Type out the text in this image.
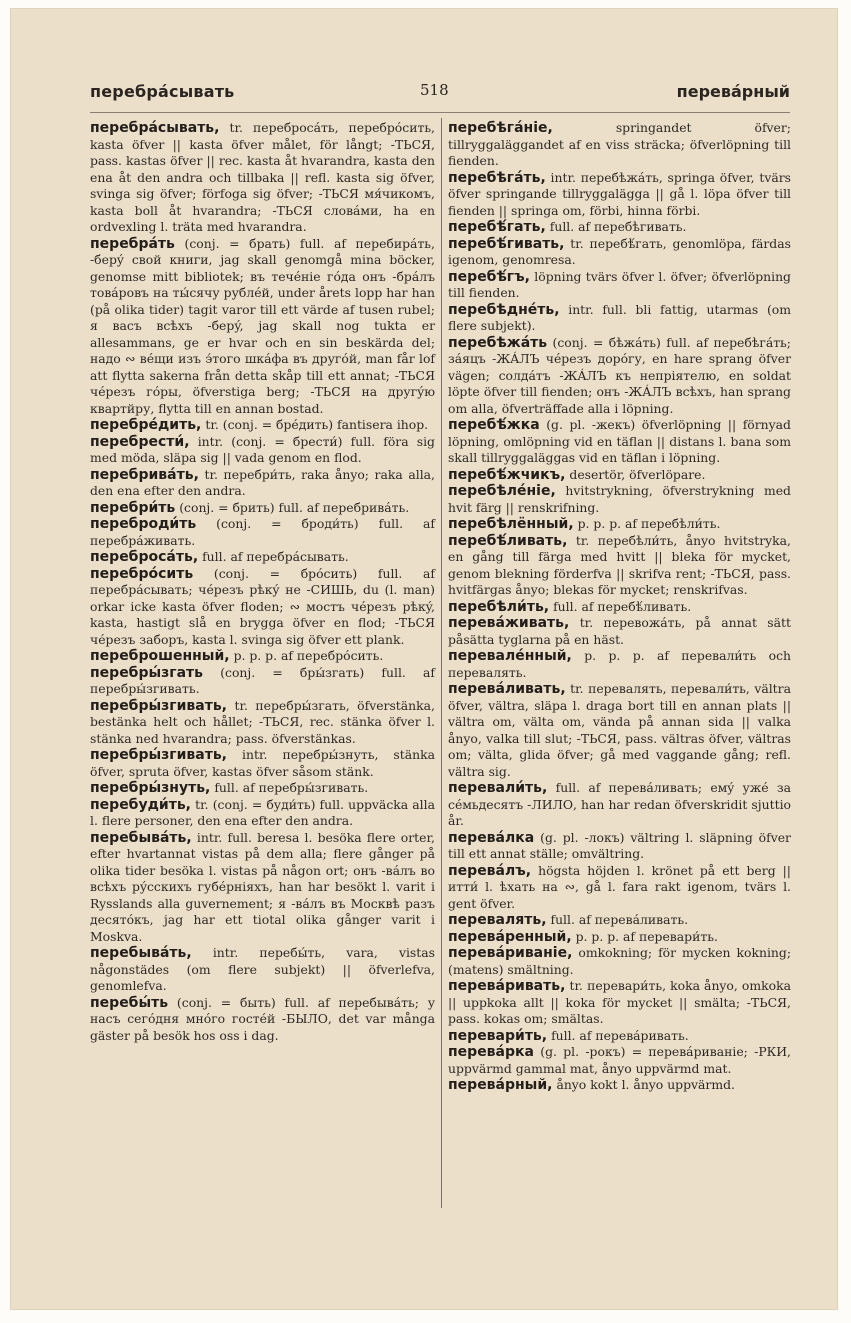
перебрáсывать	518	перевáрный

перебрáсывать, tr. перебросáть, перебрóсить, kasta öfver || kasta öfver målet, för långt; -ТЬСЯ, pass. kastas öfver || rec. kasta åt hvarandra, kasta den ena åt den andra och tillbaka || refl. kasta sig öfver, svinga sig öfver; förfoga sig öfver; -ТЬСЯ мя́чикомъ, kasta boll åt hvarandra; -ТЬСЯ словáми, ha en ordvexling l. träta med hvarandra.

перебрáть (conj. = брать) full. af перебирáть, -берý свой книги, jag skall genomgå mina böcker, genomse mitt bibliotek; въ течéніе гóда онъ -брáлъ товáровъ на ты́сячу рублéй, under årets lopp har han (på olika tider) tagit varor till ett värde af tusen rubel; я васъ всѣхъ -берý, jag skall nog tukta er allesammans, ge er hvar och en sin beskärda del; надо ∾ вéщи изъ э́того шкáфа въ другóй, man får lof att flytta sakerna från detta skåp till ett annat; -ТЬСЯ чéрезъ гóры, öfverstiga berg; -ТЬСЯ на другýю квартйру, flytta till en annan bostad.

перебрéдить, tr. (conj. = брéдить) fantisera ihop.

перебрести́, intr. (conj. = брести́) full. föra sig med möda, släpa sig || vada genom en flod.

перебривáть, tr. перебри́ть, raka ånyo; raka alla, den ena efter den andra.

перебри́ть (conj. = брить) full. af перебривáть.

переброди́ть (conj. = броди́ть) full. af перебрáживать.

переброcáть, full. af перебрáсывать.

перебрóсить (conj. = брóсить) full. af перебрáсывать; чéрезъ рѣкý не -СИШЬ, du (l. man) orkar icke kasta öfver floden; ∾ мостъ чéрезъ рѣкý, kasta, hastigt slå en brygga öfver en flod; -ТЬСЯ чéрезъ заборъ, kasta l. svinga sig öfver ett plank.

переброшенный, p. p. p. af перебрóсить.

перебры́згать (conj. = бры́згать) full. af перебры́згивать.

перебры́згивать, tr. перебры́згать, öfverstänka, bestänka helt och hållet; -ТЬСЯ, rec. stänka öfver l. stänka ned hvarandra; pass. öfverstänkas.

перебры́згивать, intr. перебры́знуть, stänka öfver, spruta öfver, kastas öfver såsom stänk.

перебры́знуть, full. af перебры́згивать.

перебуди́ть, tr. (conj. = буди́ть) full. uppväcka alla l. flere personer, den ena efter den andra.

перебывáть, intr. full. beresa l. besöka flere orter, efter hvartannat vistas på dem alla; flere gånger på olika tider besöka l. vistas på någon ort; онъ -вáлъ во всѣхъ рýсскихъ губéрніяхъ, han har besökt l. varit i Rysslands alla guvernement; я -вáлъ въ Москвѣ разъ десятóкъ, jag har ett tiotal olika gånger varit i Moskva.

перебывáть, intr. перебы́ть, vara, vistas någonstädes (om flere subjekt) || öfverlefva, genomlefva.

перебы́ть (conj. = быть) full. af перебывáть; у насъ сегóдня мнóго гостéй -БЫЛО, det var många gäster på besök hos oss i dag.

перебѣгáніе,	springandet öfver; tillryggaläggandet af en viss sträcka; öfverlöpning till fienden.

перебѣгáть, intr. перебѣжáть, springa öfver, tvärs öfver springande tillryggalägga || gå l. löpa öfver till fienden || springa om, förbi, hinna förbi.

перебѣ́гать, full. af перебѣгивать.

перебѣ́гивать, tr. перебѣ́гать, genomlöpa, färdas igenom, genomresa.

перебѣ́гъ, löpning tvärs öfver l. öfver; öfverlöpning till fienden.

перебѣдне́ть, intr. full. bli fattig, utarmas (om flere subjekt).

перебѣжáть (conj. = бѣжáть) full. af перебѣгáть; зáяцъ -ЖÁЛЪ чéрезъ дорóгу, en hare sprang öfver vägen; солдáтъ -ЖÁЛЪ къ непріятелю, en soldat löpte öfver till fienden; онъ -ЖÁЛЪ всѣхъ, han sprang om alla, öfverträffade alla i löpning.

перебѣ́жка (g. pl. -жекъ) öfverlöpning || förnyad löpning, omlöpning vid en täflan || distans l. bana som skall tillryggaläggas vid en täflan i löpning.

перебѣ́жчикъ, desertör, öfverlöpare.

перебѣлéніе, hvitstrykning, öfverstrykning med hvit färg || renskrifning.

перебѣлённый, p. p. p. af перебѣли́ть.

перебѣ́ливать, tr. перебѣли́ть, ånyo hvitstryka, en gång till färga med hvitt || bleka för mycket, genom blekning förderfva || skrifva rent; -ТЬСЯ, pass. hvitfärgas ånyo; blekas för mycket; renskrifvas.

перебѣли́ть, full. af перебѣ́ливать.

перевáживать, tr. перевожáть, på annat sätt påsätta tyglarna på en häst.

перевалéнный, p. p. p. af перевали́ть och перевалять.

перевáливать, tr. перевалять, перевали́ть, vältra öfver, vältra, släpa l. draga bort till en annan plats || vältra om, välta om, vända på annan sida || valka ånyo, valka till slut; -ТЬСЯ, pass. vältras öfver, vältras om; välta, glida öfver; gå med vaggande gång; refl. vältra sig.

перевали́ть, full. af перевáливать; емý ужé за сéмьдесятъ -ЛИЛО, han har redan öfverskridit sjuttio år.

перевáлка (g. pl. -локъ) vältring l. släpning öfver till ett annat ställe; omvältring.

перевáлъ, högsta höjden l. krönet på ett berg || итти́ l. ѣхать на ∾, gå l. fara rakt igenom, tvärs l. gent öfver.

перевалять, full. af перевáливать.

перевáренный, p. p. p. af перевари́ть.

перевáриваніе, omkokning; för mycken kokning; (matens) smältning.

перевáривать, tr. перевари́ть, koka ånyo, omkoka || uppkoka allt || koka för mycket || smälta; -ТЬСЯ, pass. kokas om; smältas.

перевари́ть, full. af перевáривать.

перевáрка (g. pl. -рокъ) = перевáриваніе; -РКИ, uppvärmd gammal mat, ånyo uppvärmd mat.

перевáрный, ånyo kokt l. ånyo uppvärmd.
